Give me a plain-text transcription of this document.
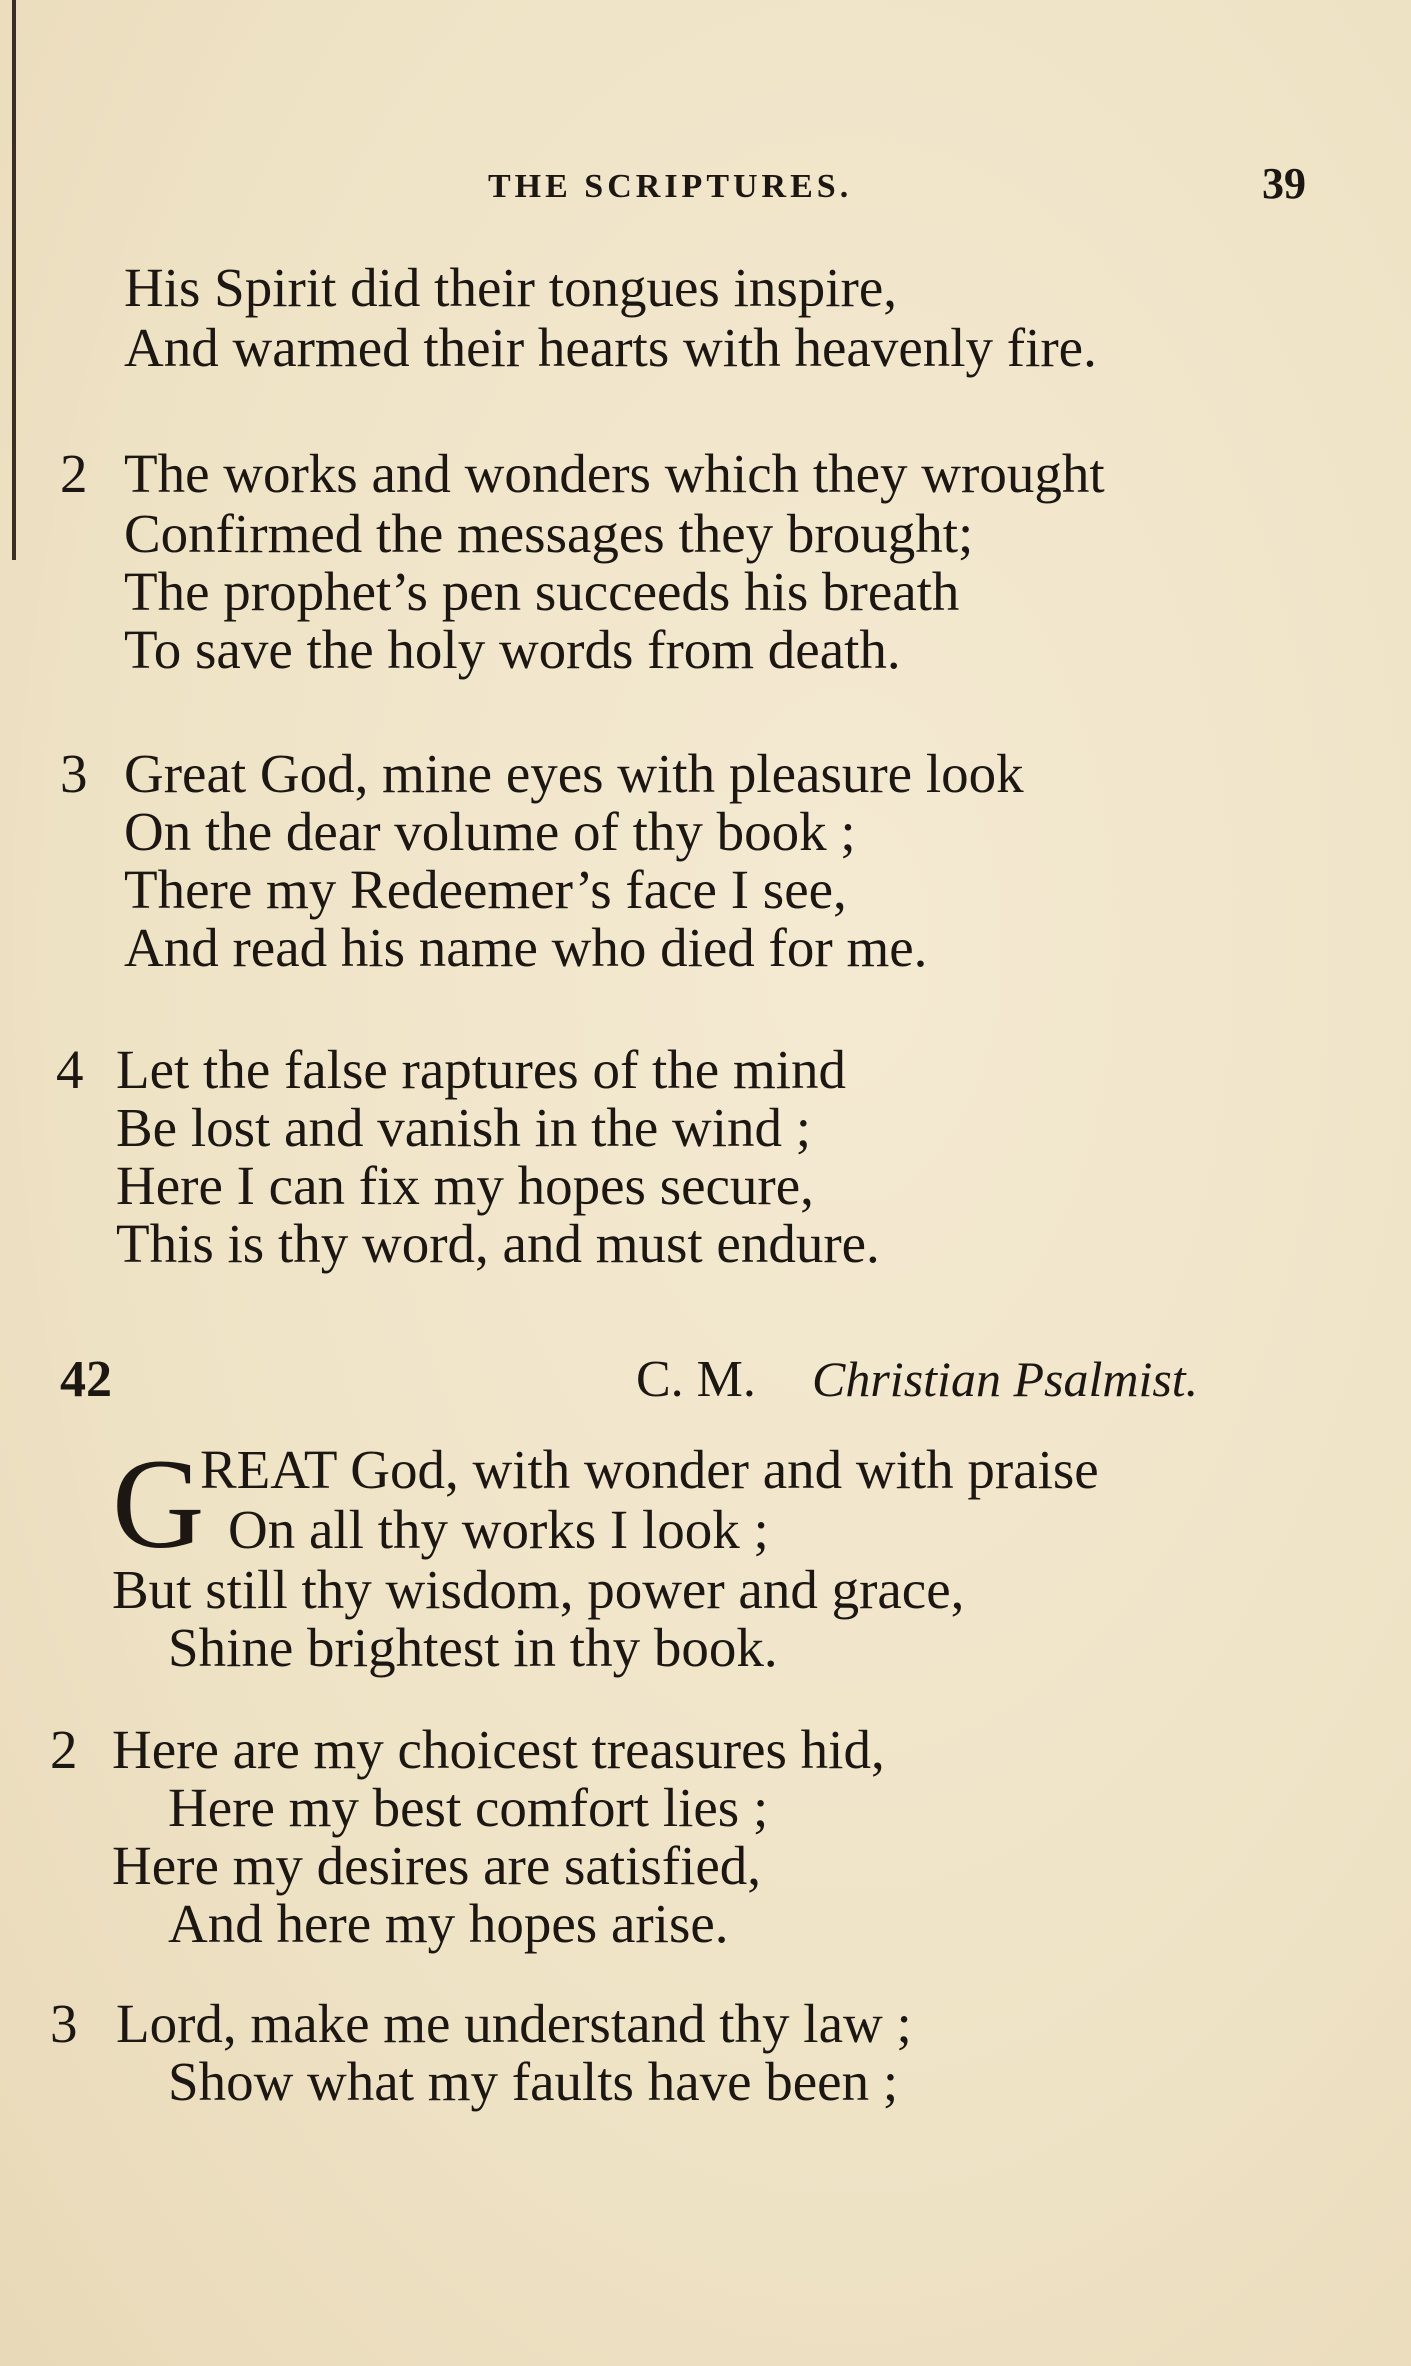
THE SCRIPTURES.	39
His Spirit did their tongues inspire,
And warmed their hearts with heavenly fire.
2 The works and wonders which they wrought
Confirmed the messages they brought;
The prophet’s pen succeeds his breath
To save the holy words from death.
3 Great God, mine eyes with pleasure look
On the dear volume of thy book ;
There my Redeemer’s face I see,
And read his name who died for me.
4 Let the false raptures of the mind
Be lost and vanish in the wind ;
Here I can fix my hopes secure,
This is thy word, and must endure.
42	C. M. Christian Psalmist.
G
REAT God, with wonder and with praise
On all thy works I look ;
But still thy wisdom, power and grace,
Shine brightest in thy book.
2 Here are my choicest treasures hid,
Here my best comfort lies ;
Here my desires are satisfied,
And here my hopes arise.
3 Lord, make me understand thy law ;
Show what my faults have been ;
